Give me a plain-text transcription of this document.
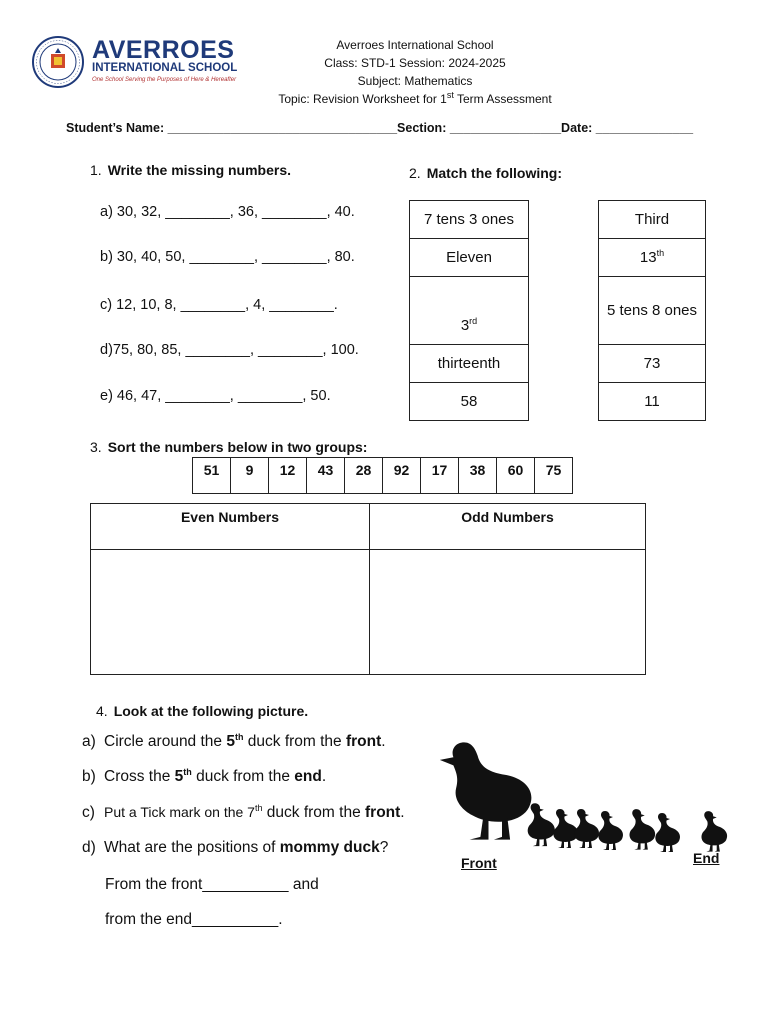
AVERROES
INTERNATIONAL SCHOOL
One School Serving the Purposes of Here & Hereafter
Averroes International School
Class: STD-1 Session: 2024-2025
Subject: Mathematics
Topic: Revision Worksheet for 1st Term Assessment
Student’s Name: _________________________________Section: ________________Date: ______________
1. Write the missing numbers.
a) 30, 32, ________, 36, ________, 40.
b) 30, 40, 50, ________, ________, 80.
c) 12, 10, 8, ________, 4, ________.
d)75, 80, 85, ________, ________, 100.
e) 46, 47, ________, ________, 50.
2. Match the following:
7 tens 3 ones		Third
Eleven		13th
3rd		5 tens 8 ones
thirteenth		73
58		11
3. Sort the numbers below in two groups:
51	9	12	43	28	92	17	38	60	75
Even Numbers	Odd Numbers

4. Look at the following picture.
a) Circle around the 5th duck from the front.
b) Cross the 5th duck from the end.
c) Put a Tick mark on the 7th duck from the front.
d) What are the positions of mommy duck?
From the front__________ and
from the end__________.
Front	End
